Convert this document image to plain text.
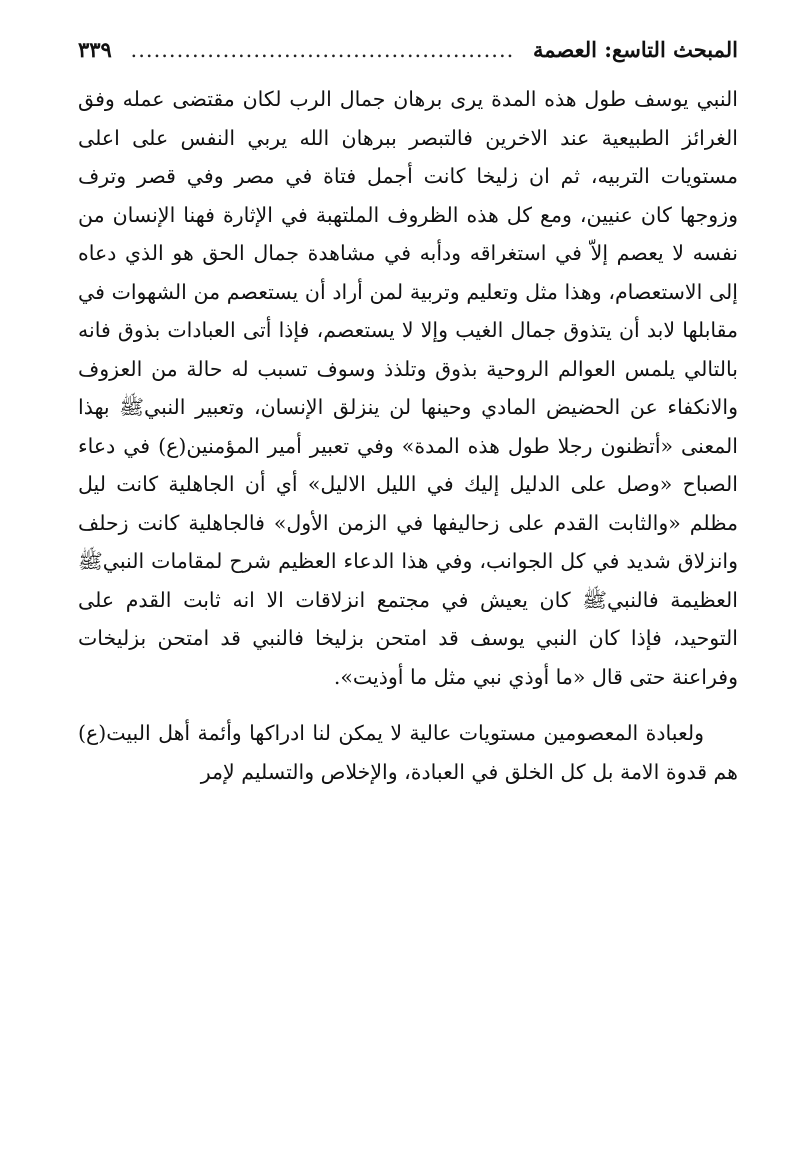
المبحث التاسع: العصمة
..................................................
٣٣٩

النبي يوسف طول هذه المدة يرى برهان جمال الرب لكان مقتضى عمله وفق الغرائز الطبيعية عند الاخرين فالتبصر ببرهان الله يربي النفس على اعلى مستويات التربيه، ثم ان زليخا كانت أجمل فتاة في مصر وفي قصر وترف وزوجها كان عنيين، ومع كل هذه الظروف الملتهبة في الإثارة فهنا الإنسان من نفسه لا يعصم إلاّ في استغراقه ودأبه في مشاهدة جمال الحق هو الذي دعاه إلى الاستعصام، وهذا مثل وتعليم وتربية لمن أراد أن يستعصم من الشهوات في مقابلها لابد أن يتذوق جمال الغيب وإلا لا يستعصم، فإذا أتى العبادات بذوق فانه بالتالي يلمس العوالم الروحية بذوق وتلذذ وسوف تسبب له حالة من العزوف والانكفاء عن الحضيض المادي وحينها لن ينزلق الإنسان، وتعبير النبيﷺ بهذا المعنى «أتظنون رجلا طول هذه المدة» وفي تعبير أمير المؤمنين(ع) في دعاء الصباح «وصل على الدليل إليك في الليل الاليل» أي أن الجاهلية كانت ليل مظلم «والثابت القدم على زحاليفها في الزمن الأول» فالجاهلية كانت زحلف وانزلاق شديد في كل الجوانب، وفي هذا الدعاء العظيم شرح لمقامات النبيﷺ العظيمة فالنبيﷺ كان يعيش في مجتمع انزلاقات الا انه ثابت القدم على التوحيد، فإذا كان النبي يوسف قد امتحن بزليخا فالنبي قد امتحن بزليخات وفراعنة حتى قال «ما أوذي نبي مثل ما أوذيت».

ولعبادة المعصومين مستويات عالية لا يمكن لنا ادراكها وأئمة أهل البيت(ع) هم قدوة الامة بل كل الخلق في العبادة، والإخلاص والتسليم لإمر
